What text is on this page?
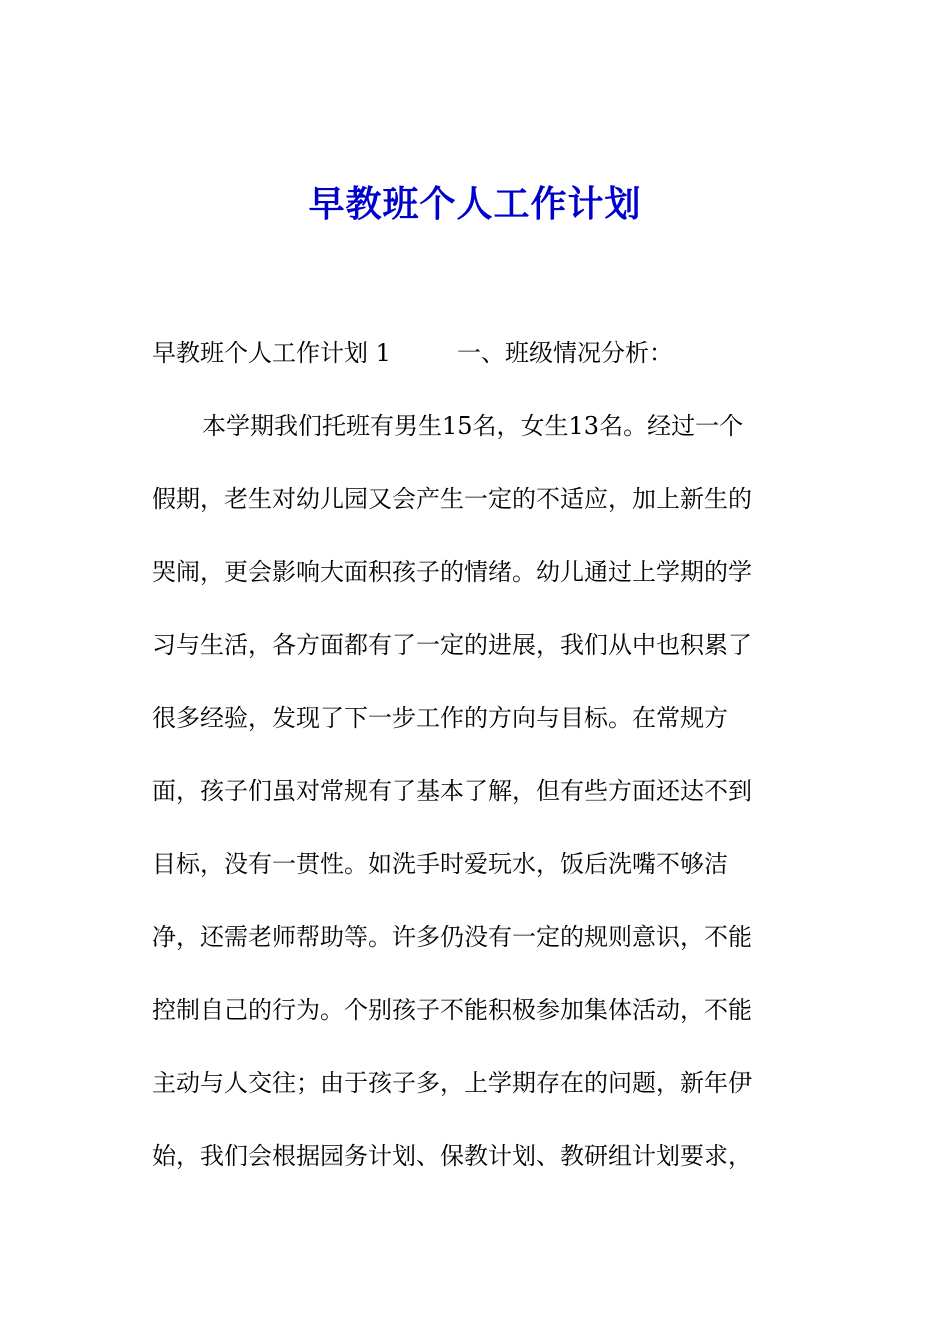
早教班个人工作计划
早教班个人工作计划 1	一、班级情况分析：
本学期我们托班有男生15名，女生13名。经过一个
假期，老生对幼儿园又会产生一定的不适应，加上新生的
哭闹，更会影响大面积孩子的情绪。幼儿通过上学期的学
习与生活，各方面都有了一定的进展，我们从中也积累了
很多经验，发现了下一步工作的方向与目标。在常规方
面，孩子们虽对常规有了基本了解，但有些方面还达不到
目标，没有一贯性。如洗手时爱玩水，饭后洗嘴不够洁
净，还需老师帮助等。许多仍没有一定的规则意识，不能
控制自己的行为。个别孩子不能积极参加集体活动，不能
主动与人交往；由于孩子多，上学期存在的问题，新年伊
始，我们会根据园务计划、保教计划、教研组计划要求，
